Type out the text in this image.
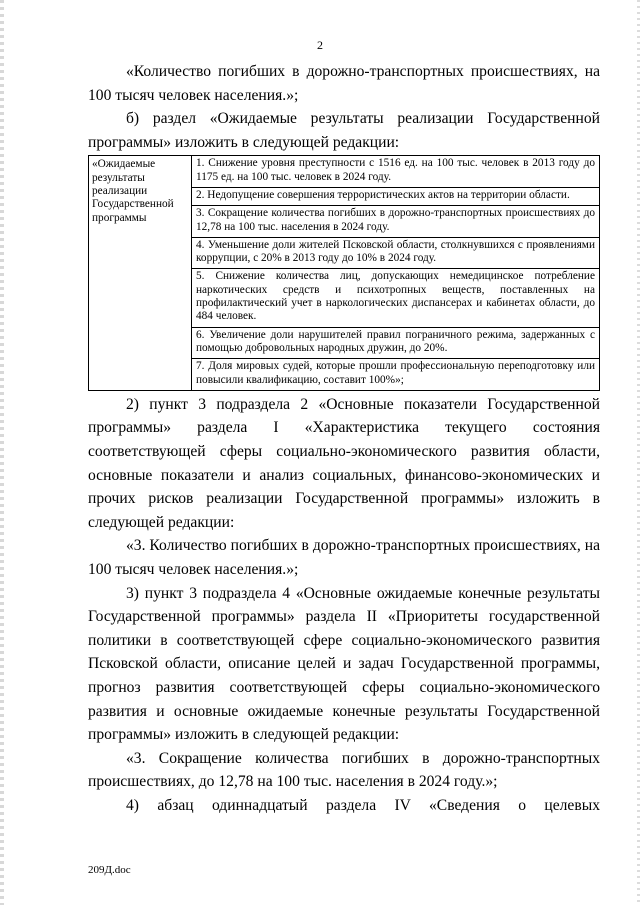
2

«Количество погибших в дорожно-транспортных происшествиях, на 100 тысяч человек населения.»;

б) раздел «Ожидаемые результаты реализации Государственной программы» изложить в следующей редакции:

«Ожидаемые результаты реализации Государственной программы	
1. Снижение уровня преступности с 1516 ед. на 100 тыс. человек в 2013 году до 1175 ед. на 100 тыс. человек в 2024 году.
2. Недопущение совершения террористических актов на территории области.
3. Сокращение количества погибших в дорожно-транспортных происшествиях до 12,78 на 100 тыс. населения в 2024 году.
4. Уменьшение доли жителей Псковской области, столкнувшихся с проявлениями коррупции, с 20% в 2013 году до 10% в 2024 году.
5. Снижение количества лиц, допускающих немедицинское потребление наркотических средств и психотропных веществ, поставленных на профилактический учет в наркологических диспансерах и кабинетах области, до 484 человек.
6. Увеличение доли нарушителей правил пограничного режима, задержанных с помощью добровольных народных дружин, до 20%.
7. Доля мировых судей, которые прошли профессиональную переподготовку или повысили квалификацию, составит 100%»;

2) пункт 3 подраздела 2 «Основные показатели Государственной программы» раздела I «Характеристика текущего состояния соответствующей сферы социально-экономического развития области, основные показатели и анализ социальных, финансово-экономических и прочих рисков реализации Государственной программы» изложить в следующей редакции:

«3. Количество погибших в дорожно-транспортных происшествиях, на 100 тысяч человек населения.»;

3) пункт 3 подраздела 4 «Основные ожидаемые конечные результаты Государственной программы» раздела II «Приоритеты государственной политики в соответствующей сфере социально-экономического развития Псковской области, описание целей и задач Государственной программы, прогноз развития соответствующей сферы социально-экономического развития и основные ожидаемые конечные результаты Государственной программы» изложить в следующей редакции:

«3. Сокращение количества погибших в дорожно-транспортных происшествиях, до 12,78 на 100 тыс. населения в 2024 году.»;

4) абзац одиннадцатый раздела IV «Сведения о целевых

209Д.doc
